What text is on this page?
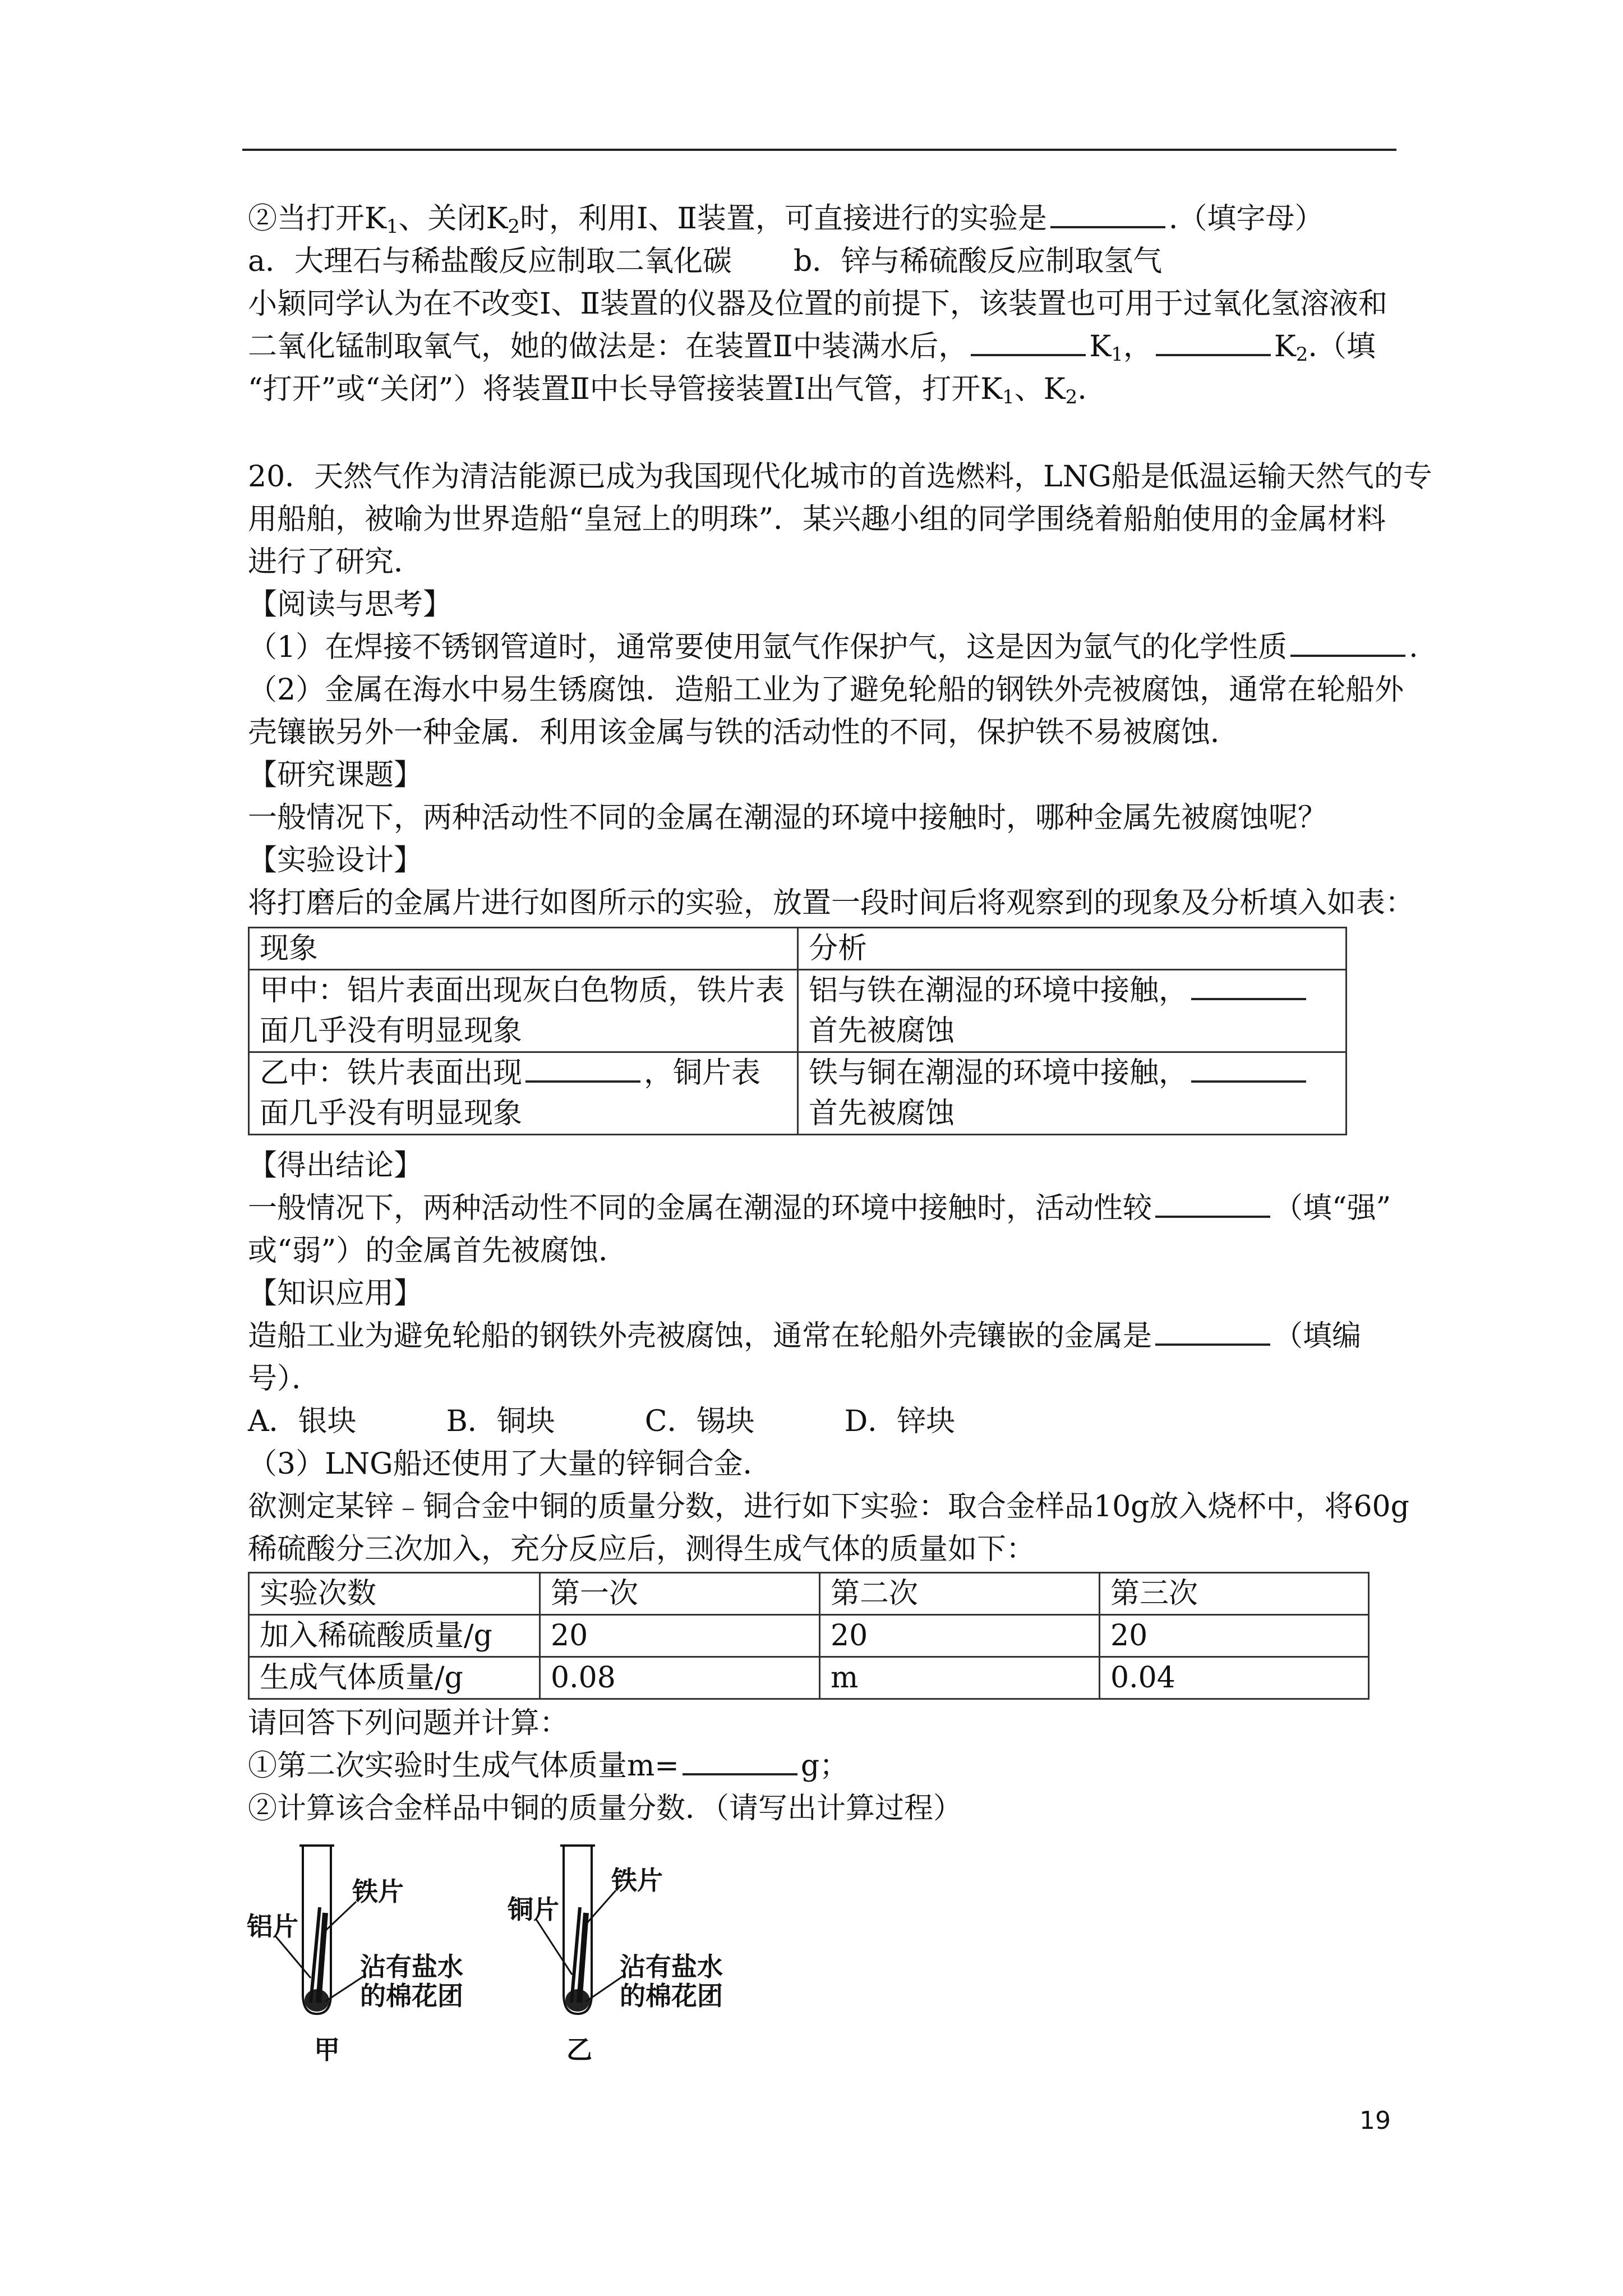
②当打开$K_1$、关闭$K_2$时，利用Ⅰ、Ⅱ装置，可直接进行的实验是	.（填字母）
a．大理石与稀盐酸反应制取二氧化碳 b．锌与稀硫酸反应制取氢气
小颖同学认为在不改变Ⅰ、Ⅱ装置的仪器及位置的前提下，该装置也可用于过氧化氢溶液和
二氧化锰制取氧气，她的做法是：在装置Ⅱ中装满水后，	$K_1$，	$K_2$.（填
“打开”或“关闭”）将装置Ⅱ中长导管接装置Ⅰ出气管，打开$K_1$、$K_2$.
20．天然气作为清洁能源已成为我国现代化城市的首选燃料，LNG船是低温运输天然气的专
用船舶，被喻为世界造船“皇冠上的明珠”．某兴趣小组的同学围绕着船舶使用的金属材料
进行了研究．
【阅读与思考】
（1）在焊接不锈钢管道时，通常要使用氩气作保护气，这是因为氩气的化学性质	.
（2）金属在海水中易生锈腐蚀．造船工业为了避免轮船的钢铁外壳被腐蚀，通常在轮船外
壳镶嵌另外一种金属．利用该金属与铁的活动性的不同，保护铁不易被腐蚀．
【研究课题】
一般情况下，两种活动性不同的金属在潮湿的环境中接触时，哪种金属先被腐蚀呢？
【实验设计】
将打磨后的金属片进行如图所示的实验，放置一段时间后将观察到的现象及分析填入如表：
现象	分析
甲中：铝片表面出现灰白色物质，铁片表
面几乎没有明显现象	铝与铁在潮湿的环境中接触，
首先被腐蚀
乙中：铁片表面出现 ，铜片表
面几乎没有明显现象	铁与铜在潮湿的环境中接触，
首先被腐蚀
【得出结论】
一般情况下，两种活动性不同的金属在潮湿的环境中接触时，活动性较	（填“强”
或“弱”）的金属首先被腐蚀．
【知识应用】
造船工业为避免轮船的钢铁外壳被腐蚀，通常在轮船外壳镶嵌的金属是	（填编
号）．
A．银块	B．铜块	C．锡块	D．锌块
（3）LNG船还使用了大量的锌铜合金．
欲测定某锌﹣铜合金中铜的质量分数，进行如下实验：取合金样品10g放入烧杯中，将60g
稀硫酸分三次加入，充分反应后，测得生成气体的质量如下：
实验次数	第一次	第二次	第三次
加入稀硫酸质量/g	20	20	20
生成气体质量/g	0.08	m	0.04
请回答下列问题并计算：
①第二次实验时生成气体质量m=	g；
②计算该合金样品中铜的质量分数．（请写出计算过程）
铝片
铁片
沾有盐水
的棉花团
甲
铜片
铁片
沾有盐水
的棉花团
乙
19
